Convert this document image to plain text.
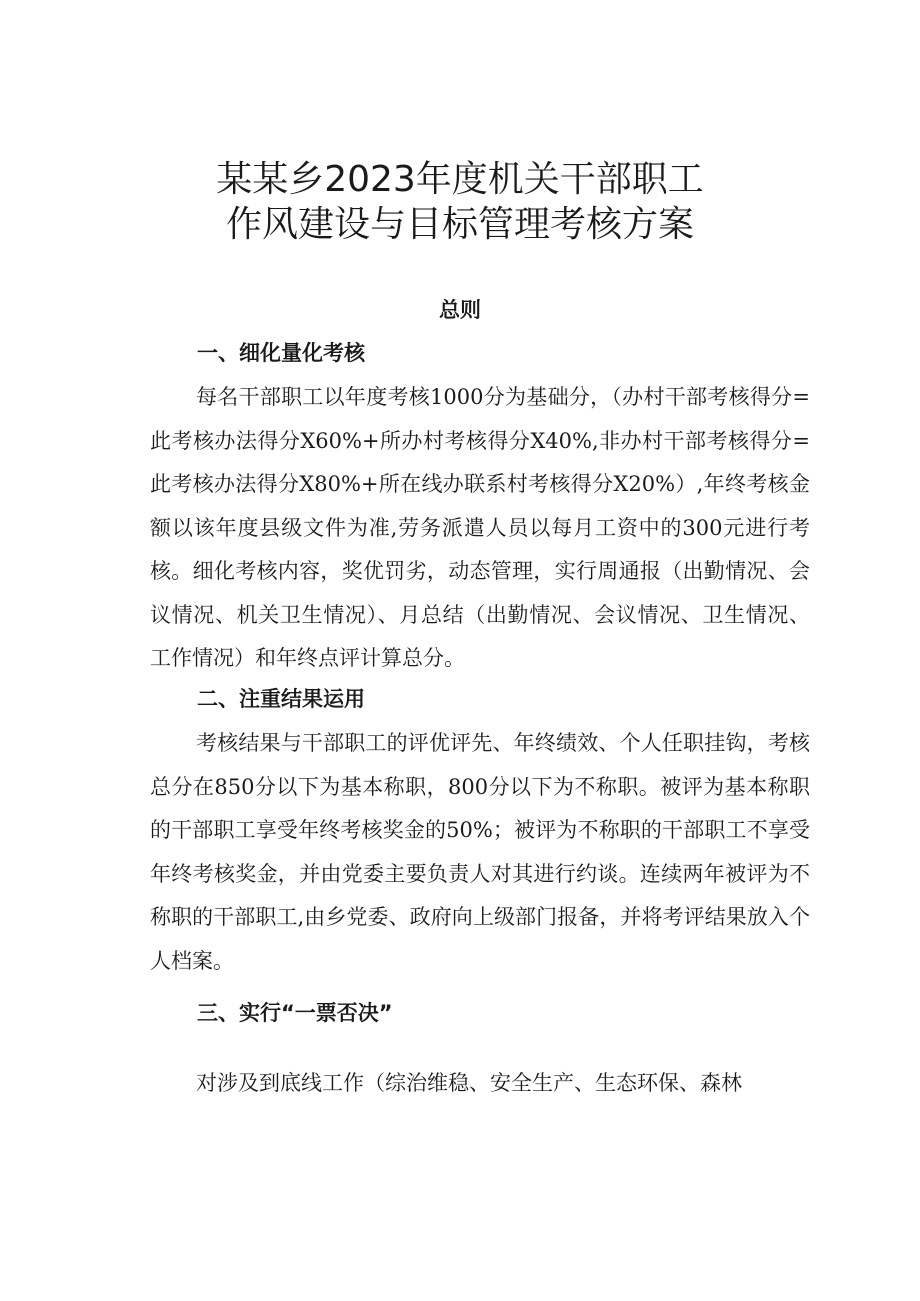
某某乡2023年度机关干部职工
作风建设与目标管理考核方案
总则
一、细化量化考核

每名干部职工以年度考核1000分为基础分，（办村干部考核得分=此考核办法得分X60%+所办村考核得分X40%,非办村干部考核得分=此考核办法得分X80%+所在线办联系村考核得分X20%）,年终考核金额以该年度县级文件为准,劳务派遣人员以每月工资中的300元进行考核。细化考核内容，奖优罚劣，动态管理，实行周通报（出勤情况、会议情况、机关卫生情况）、月总结（出勤情况、会议情况、卫生情况、工作情况）和年终点评计算总分。

二、注重结果运用

考核结果与干部职工的评优评先、年终绩效、个人任职挂钩，考核总分在850分以下为基本称职，800分以下为不称职。被评为基本称职的干部职工享受年终考核奖金的50%；被评为不称职的干部职工不享受年终考核奖金，并由党委主要负责人对其进行约谈。连续两年被评为不称职的干部职工,由乡党委、政府向上级部门报备，并将考评结果放入个人档案。

三、实行“一票否决”

对涉及到底线工作（综治维稳、安全生产、生态环保、森林
